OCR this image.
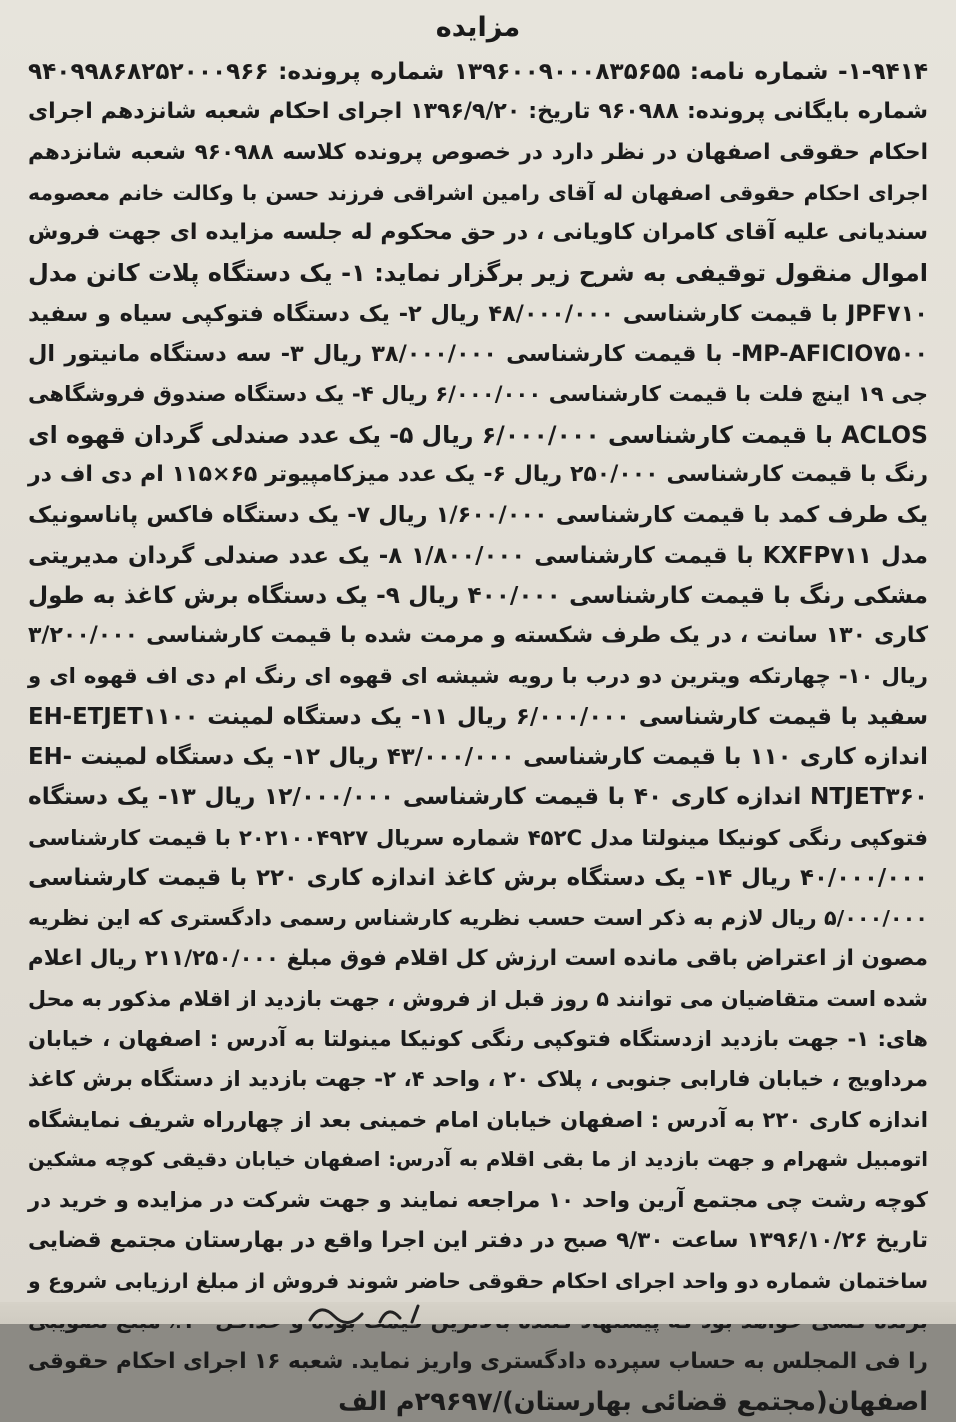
مزایده
۱-۹۴۱۴- شماره نامه: ۱۳۹۶۰۰۹۰۰۰۸۳۵۶۵۵ شماره پرونده: ۹۴۰۹۹۸۶۸۲۵۲۰۰۰۹۶۶
شماره بایگانی پرونده: ۹۶۰۹۸۸ تاریخ: ۱۳۹۶/۹/۲۰ اجرای احکام شعبه شانزدهم اجرای
احکام حقوقی اصفهان در نظر دارد در خصوص پرونده کلاسه ۹۶۰۹۸۸ شعبه شانزدهم
اجرای احکام حقوقی اصفهان له آقای رامین اشراقی فرزند حسن با وکالت خانم معصومه
سندیانی علیه آقای کامران کاویانی ، در حق محکوم له جلسه مزایده ای جهت فروش
اموال منقول توقیفی به شرح زیر برگزار نماید: ۱- یک دستگاه پلات کانن مدل
JPF۷۱۰ با قیمت کارشناسی ۴۸/۰۰۰/۰۰۰ ریال ۲- یک دستگاه فتوکپی سیاه و سفید
MP-AFICIO۷۵۰۰- با قیمت کارشناسی ۳۸/۰۰۰/۰۰۰ ریال ۳- سه دستگاه مانیتور ال
جی ۱۹ اینچ فلت با قیمت کارشناسی ۶/۰۰۰/۰۰۰ ریال ۴- یک دستگاه صندوق فروشگاهی
ACLOS با قیمت کارشناسی ۶/۰۰۰/۰۰۰ ریال ۵- یک عدد صندلی گردان قهوه ای
رنگ با قیمت کارشناسی ۲۵۰/۰۰۰ ریال ۶- یک عدد میزکامپیوتر ۶۵×۱۱۵ ام دی اف در
یک طرف کمد با قیمت کارشناسی ۱/۶۰۰/۰۰۰ ریال ۷- یک دستگاه فاکس پاناسونیک
مدل KXFP۷۱۱ با قیمت کارشناسی ۱/۸۰۰/۰۰۰ ۸- یک عدد صندلی گردان مدیریتی
مشکی رنگ با قیمت کارشناسی ۴۰۰/۰۰۰ ریال ۹- یک دستگاه برش کاغذ به طول
کاری ۱۳۰ سانت ، در یک طرف شکسته و مرمت شده با قیمت کارشناسی ۳/۲۰۰/۰۰۰
ریال ۱۰- چهارتکه ویترین دو درب با رویه شیشه ای قهوه ای رنگ ام دی اف قهوه ای و
سفید با قیمت کارشناسی ۶/۰۰۰/۰۰۰ ریال ۱۱- یک دستگاه لمینت EH-ETJET۱۱۰۰
اندازه کاری ۱۱۰ با قیمت کارشناسی ۴۳/۰۰۰/۰۰۰ ریال ۱۲- یک دستگاه لمینت -EH
NTJET۳۶۰ اندازه کاری ۴۰ با قیمت کارشناسی ۱۲/۰۰۰/۰۰۰ ریال ۱۳- یک دستگاه
فتوکپی رنگی کونیکا مینولتا مدل ۴۵۲C شماره سریال ۲۰۲۱۰۰۴۹۲۷ با قیمت کارشناسی
۴۰/۰۰۰/۰۰۰ ریال ۱۴- یک دستگاه برش کاغذ اندازه کاری ۲۲۰ با قیمت کارشناسی
۵/۰۰۰/۰۰۰ ریال لازم به ذکر است حسب نظریه کارشناس رسمی دادگستری که این نظریه
مصون از اعتراض باقی مانده است ارزش کل اقلام فوق مبلغ ۲۱۱/۲۵۰/۰۰۰ ریال اعلام
شده است متقاضیان می توانند ۵ روز قبل از فروش ، جهت بازدید از اقلام مذکور به محل
های: ۱- جهت بازدید ازدستگاه فتوکپی رنگی کونیکا مینولتا به آدرس : اصفهان ، خیابان
مرداویج ، خیابان فارابی جنوبی ، پلاک ۲۰ ، واحد ۴، ۲- جهت بازدید از دستگاه برش کاغذ
اندازه کاری ۲۲۰ به آدرس : اصفهان خیابان امام خمینی بعد از چهارراه شریف نمایشگاه
اتومبیل شهرام و جهت بازدید از ما بقی اقلام به آدرس: اصفهان خیابان دقیقی کوچه مشکین
کوچه رشت چی مجتمع آرین واحد ۱۰ مراجعه نمایند و جهت شرکت در مزایده و خرید در
تاریخ ۱۳۹۶/۱۰/۲۶ ساعت ۹/۳۰ صبح در دفتر این اجرا واقع در بهارستان مجتمع قضایی
ساختمان شماره دو واحد اجرای احکام حقوقی حاضر شوند فروش از مبلغ ارزیابی شروع و
را فی المجلس به حساب سپرده دادگستری واریز نماید. شعبه ۱۶ اجرای احکام حقوقی
اصفهان(مجتمع قضائی بهارستان)/۲۹۶۹۷م الف
